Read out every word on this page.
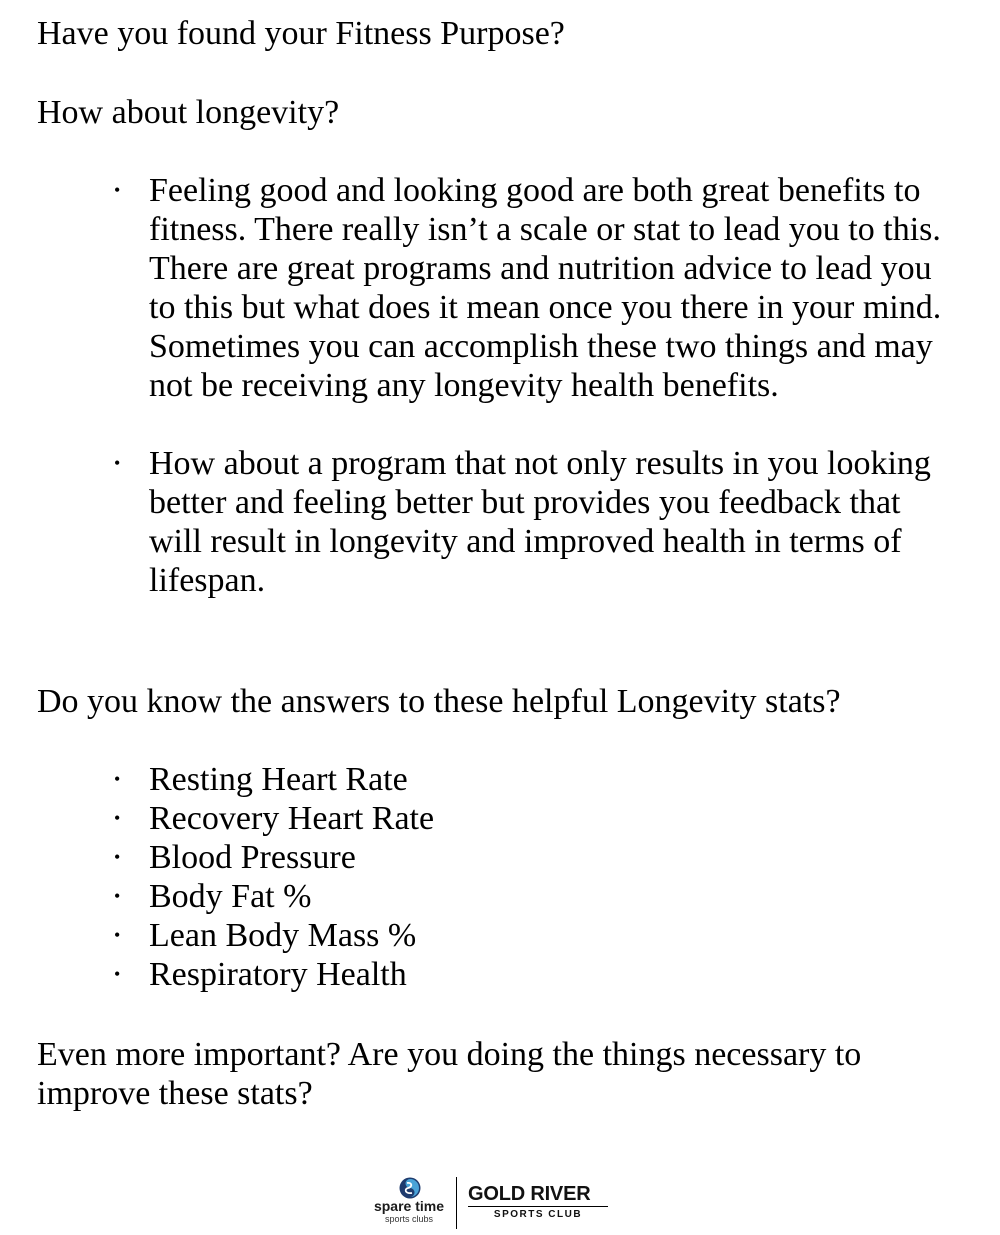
Have you found your Fitness Purpose?

How about longevity?

• Feeling good and looking good are both great benefits to fitness. There really isn’t a scale or stat to lead you to this. There are great programs and nutrition advice to lead you to this but what does it mean once you there in your mind. Sometimes you can accomplish these two things and may not be receiving any longevity health benefits.
• How about a program that not only results in you looking better and feeling better but provides you feedback that will result in longevity and improved health in terms of lifespan.

Do you know the answers to these helpful Longevity stats?

• Resting Heart Rate
• Recovery Heart Rate
• Blood Pressure
• Body Fat %
• Lean Body Mass %
• Respiratory Health

Even more important? Are you doing the things necessary to improve these stats?

spare time
sports clubs
GOLD RIVER
SPORTS CLUB
